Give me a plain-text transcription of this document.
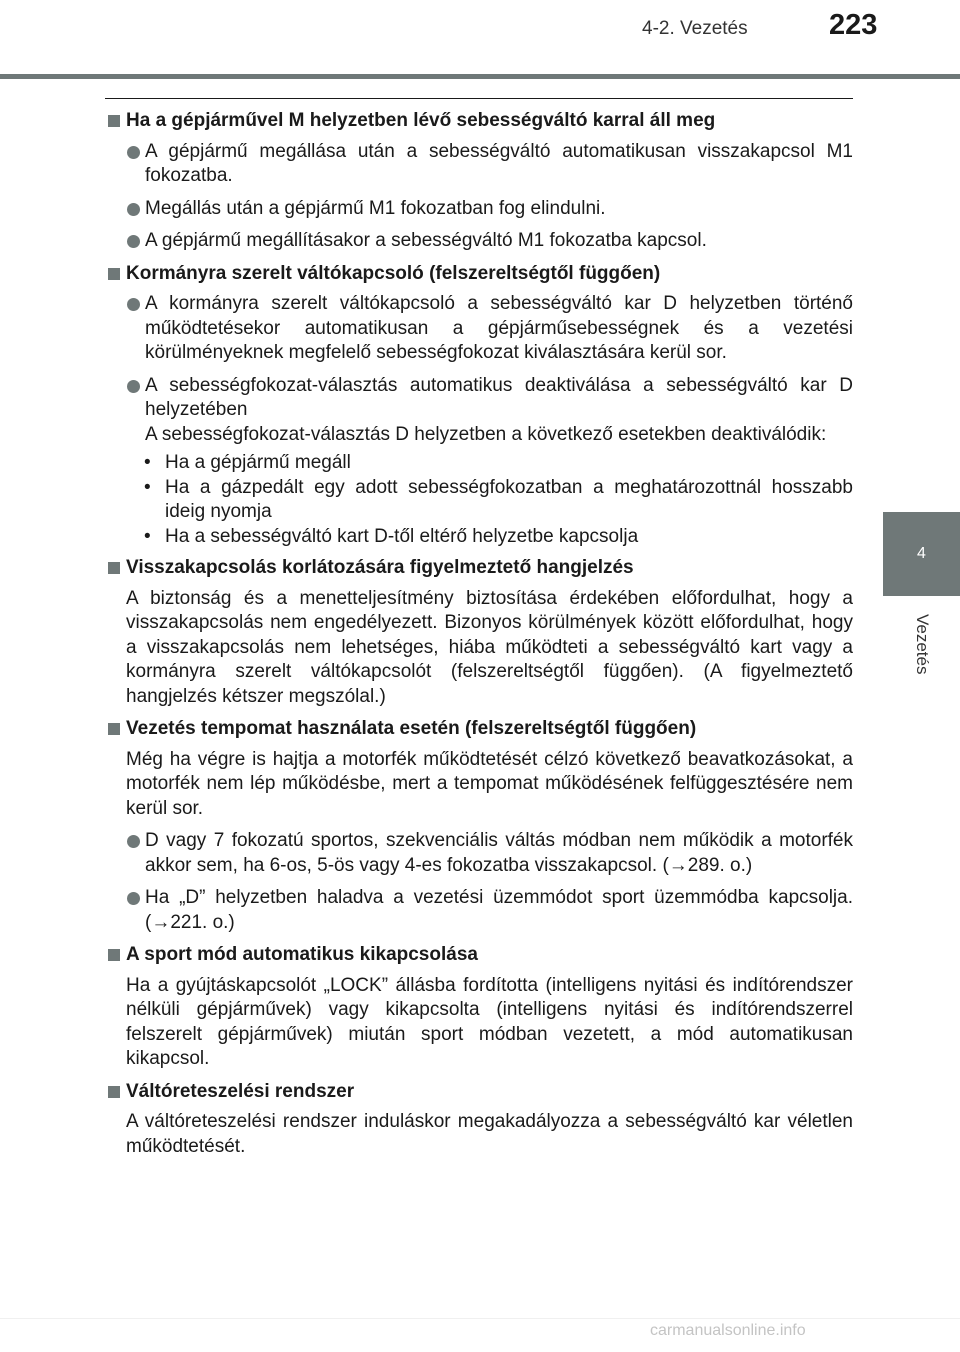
4-2. Vezetés	223
4
Vezetés
Ha a gépjárművel M helyzetben lévő sebességváltó karral áll meg
A gépjármű megállása után a sebességváltó automatikusan visszakapcsol M1 fokozatba.
Megállás után a gépjármű M1 fokozatban fog elindulni.
A gépjármű megállításakor a sebességváltó M1 fokozatba kapcsol.
Kormányra szerelt váltókapcsoló (felszereltségtől függően)
A kormányra szerelt váltókapcsoló a sebességváltó kar D helyzetben történő működtetésekor automatikusan a gépjárműsebességnek és a vezetési körülményeknek megfelelő sebességfokozat kiválasztására kerül sor.
A sebességfokozat-választás automatikus deaktiválása a sebességváltó kar D helyzetében
A sebességfokozat-választás D helyzetben a következő esetekben deaktiválódik:
• Ha a gépjármű megáll
• Ha a gázpedált egy adott sebességfokozatban a meghatározottnál hosszabb ideig nyomja
• Ha a sebességváltó kart D-től eltérő helyzetbe kapcsolja
Visszakapcsolás korlátozására figyelmeztető hangjelzés
A biztonság és a menetteljesítmény biztosítása érdekében előfordulhat, hogy a visszakapcsolás nem engedélyezett. Bizonyos körülmények között előfordulhat, hogy a visszakapcsolás nem lehetséges, hiába működteti a sebességváltó kart vagy a kormányra szerelt váltókapcsolót (felszereltségtől függően). (A figyelmeztető hangjelzés kétszer megszólal.)
Vezetés tempomat használata esetén (felszereltségtől függően)
Még ha végre is hajtja a motorfék működtetését célzó következő beavatkozásokat, a motorfék nem lép működésbe, mert a tempomat működésének felfüggesztésére nem kerül sor.
D vagy 7 fokozatú sportos, szekvenciális váltás módban nem működik a motorfék akkor sem, ha 6-os, 5-ös vagy 4-es fokozatba visszakapcsol. (→289. o.)
Ha „D” helyzetben haladva a vezetési üzemmódot sport üzemmódba kapcsolja. (→221. o.)
A sport mód automatikus kikapcsolása
Ha a gyújtáskapcsolót „LOCK” állásba fordította (intelligens nyitási és indítórendszer nélküli gépjárművek) vagy kikapcsolta (intelligens nyitási és indítórendszerrel felszerelt gépjárművek) miután sport módban vezetett, a mód automatikusan kikapcsol.
Váltóreteszelési rendszer
A váltóreteszelési rendszer induláskor megakadályozza a sebességváltó kar véletlen működtetését.
carmanualsonline.info
